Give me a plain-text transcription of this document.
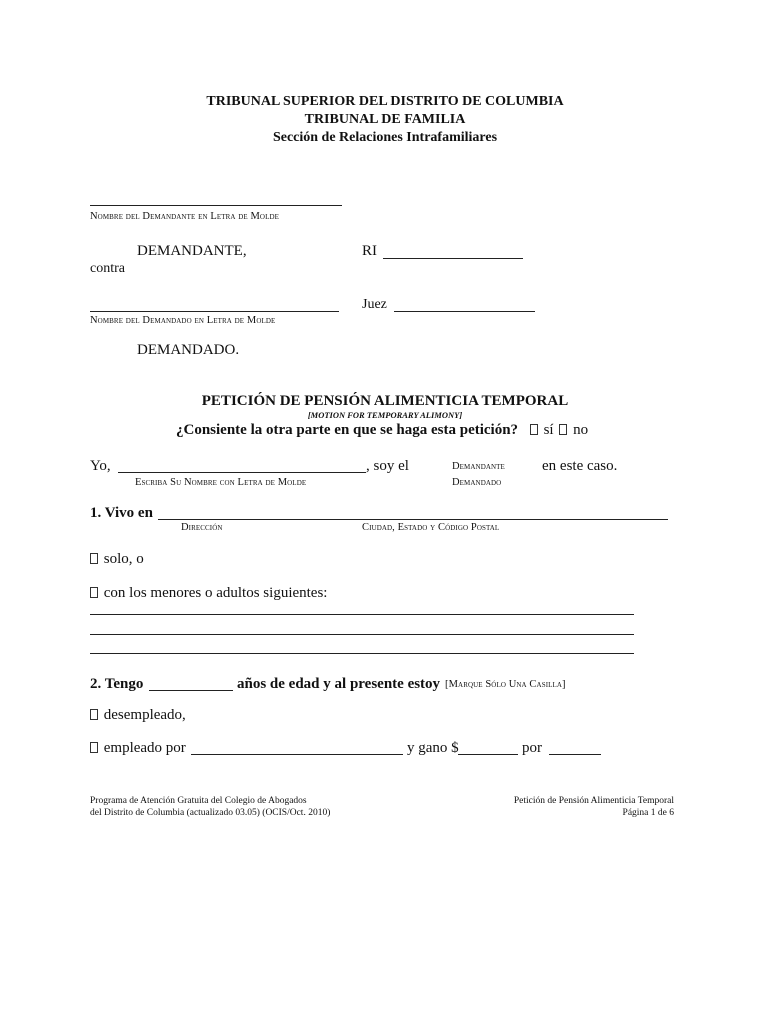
TRIBUNAL SUPERIOR DEL DISTRITO DE COLUMBIA
TRIBUNAL DE FAMILIA
Sección de Relaciones Intrafamiliares
Nombre del Demandante en Letra de Molde
DEMANDANTE,	RI
contra
Juez
Nombre del Demandado en Letra de Molde
DEMANDADO.
PETICIÓN DE PENSIÓN ALIMENTICIA TEMPORAL
[MOTION FOR TEMPORARY ALIMONY]
¿Consiente la otra parte en que se haga esta petición? sí no
Yo,	, soy el	Demandante
Demandado
en este caso.
Escriba Su Nombre con Letra de Molde
1. Vivo en
Dirección	Ciudad, Estado y Código Postal
solo, o
con los menores o adultos siguientes:
2. Tengo	años de edad y al presente estoy [Marque Sólo Una Casilla]
desempleado,
empleado por	y gano $	por
Programa de Atención Gratuita del Colegio de Abogados
del Distrito de Columbia (actualizado 03.05) (OCIS/Oct. 2010)
Petición de Pensión Alimenticia Temporal
Página 1 de 6
